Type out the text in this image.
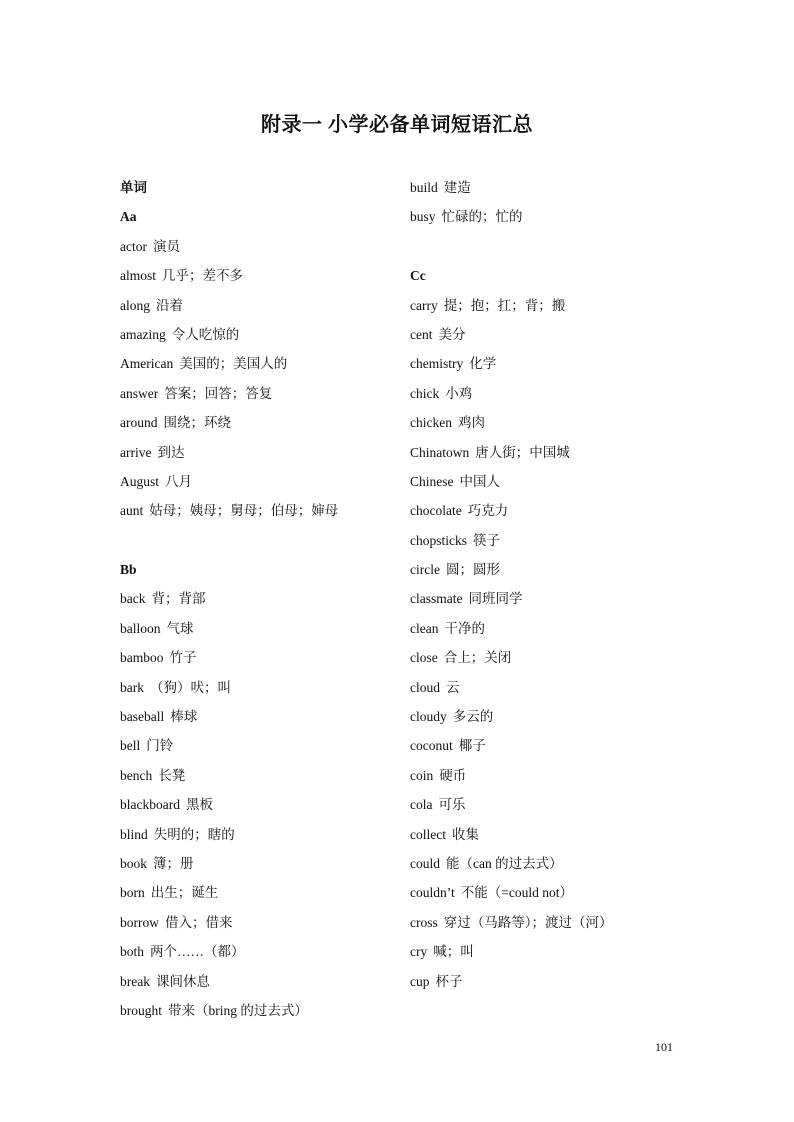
附录一 小学必备单词短语汇总
单词
Aa
actor 演员
almost 几乎；差不多
along 沿着
amazing 令人吃惊的
American 美国的；美国人的
answer 答案；回答；答复
around 围绕；环绕
arrive 到达
August 八月
aunt 姑母；姨母；舅母；伯母；婶母
Bb
back 背；背部
balloon 气球
bamboo 竹子
bark （狗）吠；叫
baseball 棒球
bell 门铃
bench 长凳
blackboard 黑板
blind 失明的；瞎的
book 簿；册
born 出生；诞生
borrow 借入；借来
both 两个……（都）
break 课间休息
brought 带来（bring 的过去式）
build 建造
busy 忙碌的；忙的
Cc
carry 提；抱；扛；背；搬
cent 美分
chemistry 化学
chick 小鸡
chicken 鸡肉
Chinatown 唐人街；中国城
Chinese 中国人
chocolate 巧克力
chopsticks 筷子
circle 圆；圆形
classmate 同班同学
clean 干净的
close 合上；关闭
cloud 云
cloudy 多云的
coconut 椰子
coin 硬币
cola 可乐
collect 收集
could 能（can 的过去式）
couldn’t 不能（=could not）
cross 穿过（马路等）；渡过（河）
cry 喊；叫
cup 杯子
101
